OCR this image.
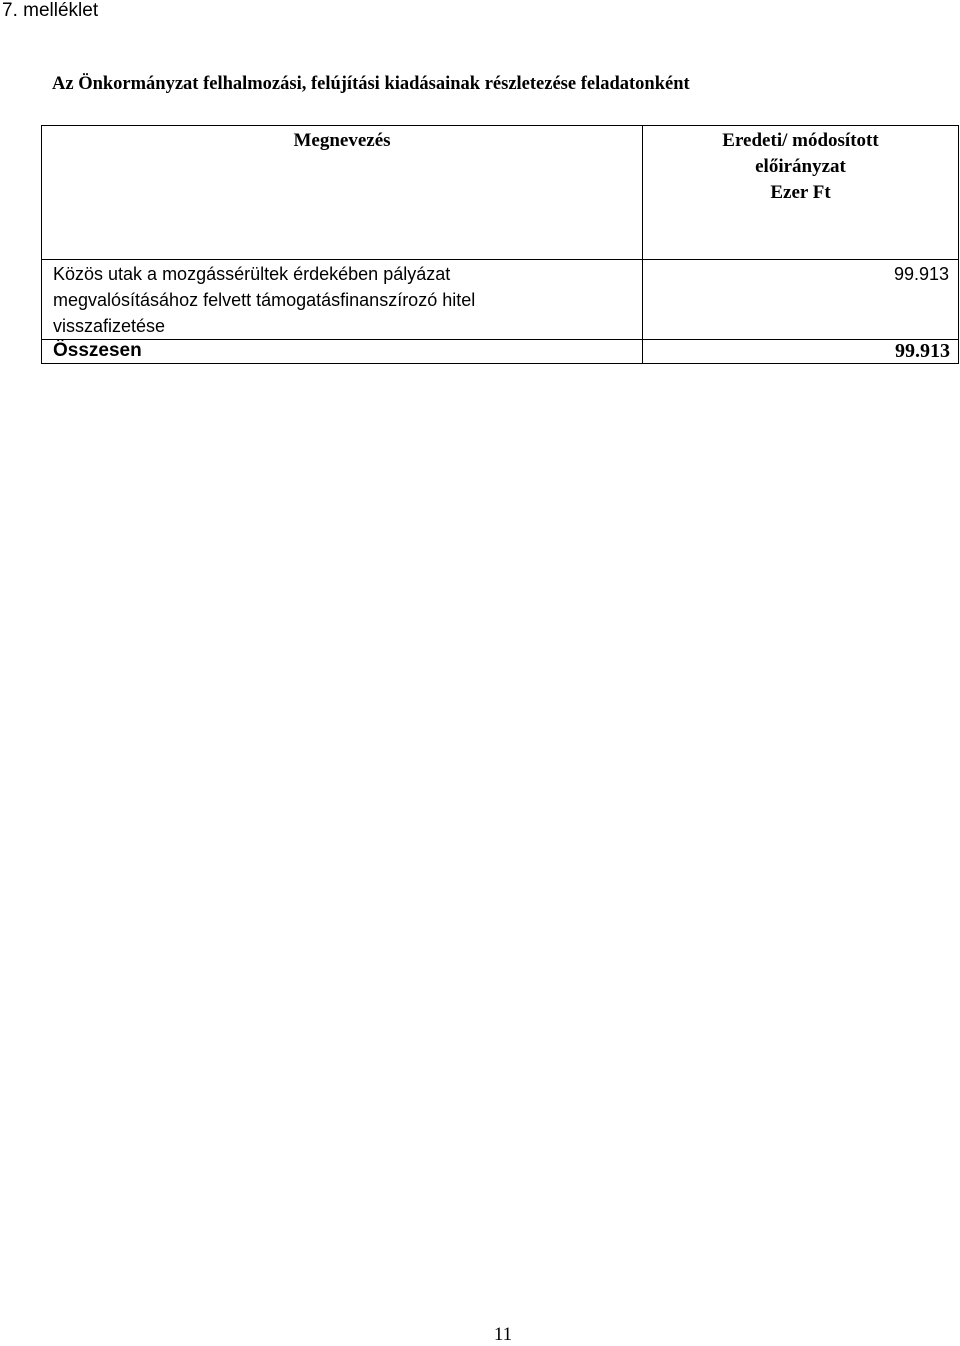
7. melléklet
Az Önkormányzat felhalmozási, felújítási kiadásainak részletezése feladatonként
Megnevezés	Eredeti/ módosított
előirányzat
Ezer Ft

Közös utak a mozgássérültek érdekében pályázat
megvalósításához felvett támogatásfinanszírozó hitel
visszafizetése	99.913
Összesen	99.913
11
